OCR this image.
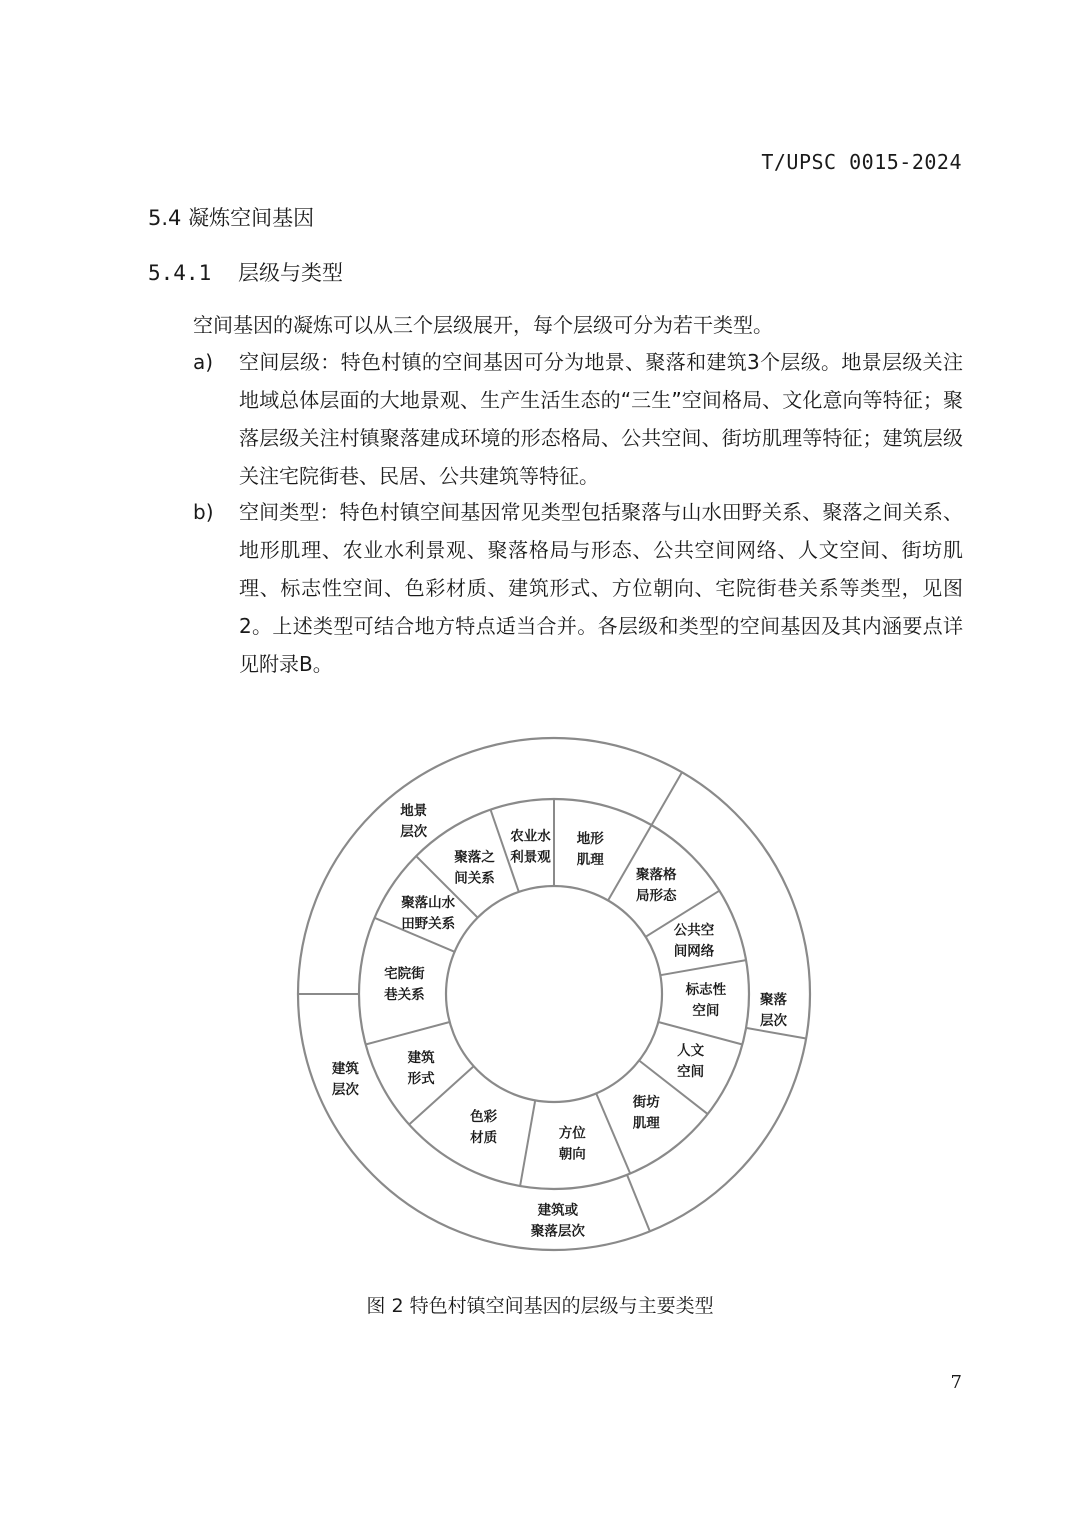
T/UPSC 0015-2024
5.4 凝炼空间基因
5.4.1 层级与类型
空间基因的凝炼可以从三个层级展开，每个层级可分为若干类型。
a)	空间层级：特色村镇的空间基因可分为地景、聚落和建筑3个层级。地景层级关注地域总体层面的大地景观、生产生活生态的“三生”空间格局、文化意向等特征；聚落层级关注村镇聚落建成环境的形态格局、公共空间、街坊肌理等特征；建筑层级关注宅院街巷、民居、公共建筑等特征。
b)	空间类型：特色村镇空间基因常见类型包括聚落与山水田野关系、聚落之间关系、地形肌理、农业水利景观、聚落格局与形态、公共空间网络、人文空间、街坊肌理、标志性空间、色彩材质、建筑形式、方位朝向、宅院街巷关系等类型，见图2。上述类型可结合地方特点适当合并。各层级和类型的空间基因及其内涵要点详见附录B。
地景层次
聚落层次
建筑或聚落层次
建筑层次
地形肌理
聚落格局形态
公共空间网络
标志性空间
人文空间
街坊肌理
方位朝向
色彩材质
建筑形式
宅院街巷关系
聚落山水田野关系
聚落之间关系
农业水利景观
图 2 特色村镇空间基因的层级与主要类型
7
